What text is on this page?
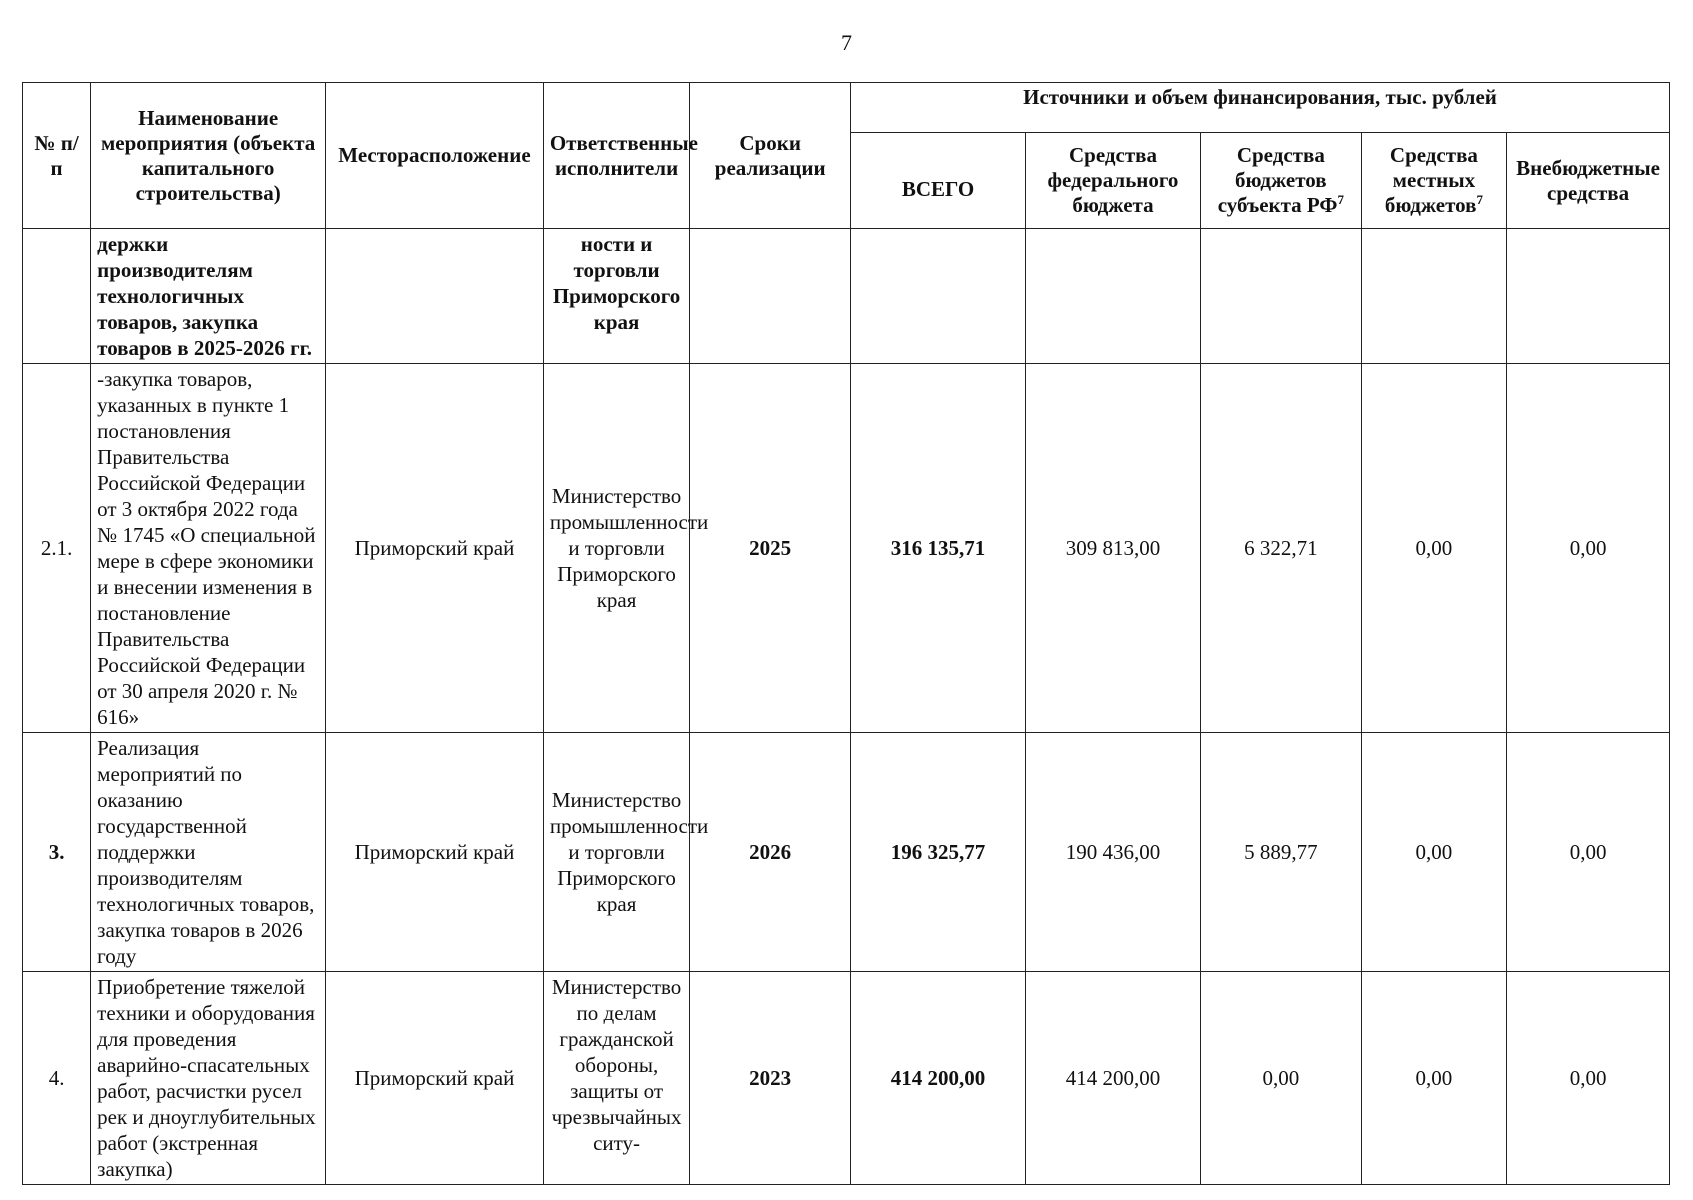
7
№ п/п	Наименование мероприятия (объекта капитального строительства)	Месторасположение	Ответственные исполнители	Сроки реализации	Источники и объем финансирования, тыс. рублей				
					ВСЕГО	Средства федерального бюджета	Средства бюджетов субъекта $РФ^7$	Средства местных бюджетов$^7$	Внебюджетные средства
	держки производителям технологичных товаров, закупка товаров в 2025-2026 гг.		ности и торговли Приморского края						
2.1.	-закупка товаров, указанных в пункте 1 постановления Правительства Российской Федерации от 3 октября 2022 года № 1745 «О специальной мере в сфере экономики и внесении изменения в постановление Правительства Российской Федерации от 30 апреля 2020 г. № 616»	Приморский край	Министерство промышленности и торговли Приморского края	2025	316 135,71	309 813,00	6 322,71	0,00	0,00
3.	Реализация мероприятий по оказанию государственной поддержки производителям технологичных товаров, закупка товаров в 2026 году	Приморский край	Министерство промышленности и торговли Приморского края	2026	196 325,77	190 436,00	5 889,77	0,00	0,00
4.	Приобретение тяжелой техники и оборудования для проведения аварийно-спасательных работ, расчистки русел рек и дноуглубительных работ (экстренная закупка)	Приморский край	Министерство по делам гражданской обороны, защиты от чрезвычайных ситу-	2023	414 200,00	414 200,00	0,00	0,00	0,00
